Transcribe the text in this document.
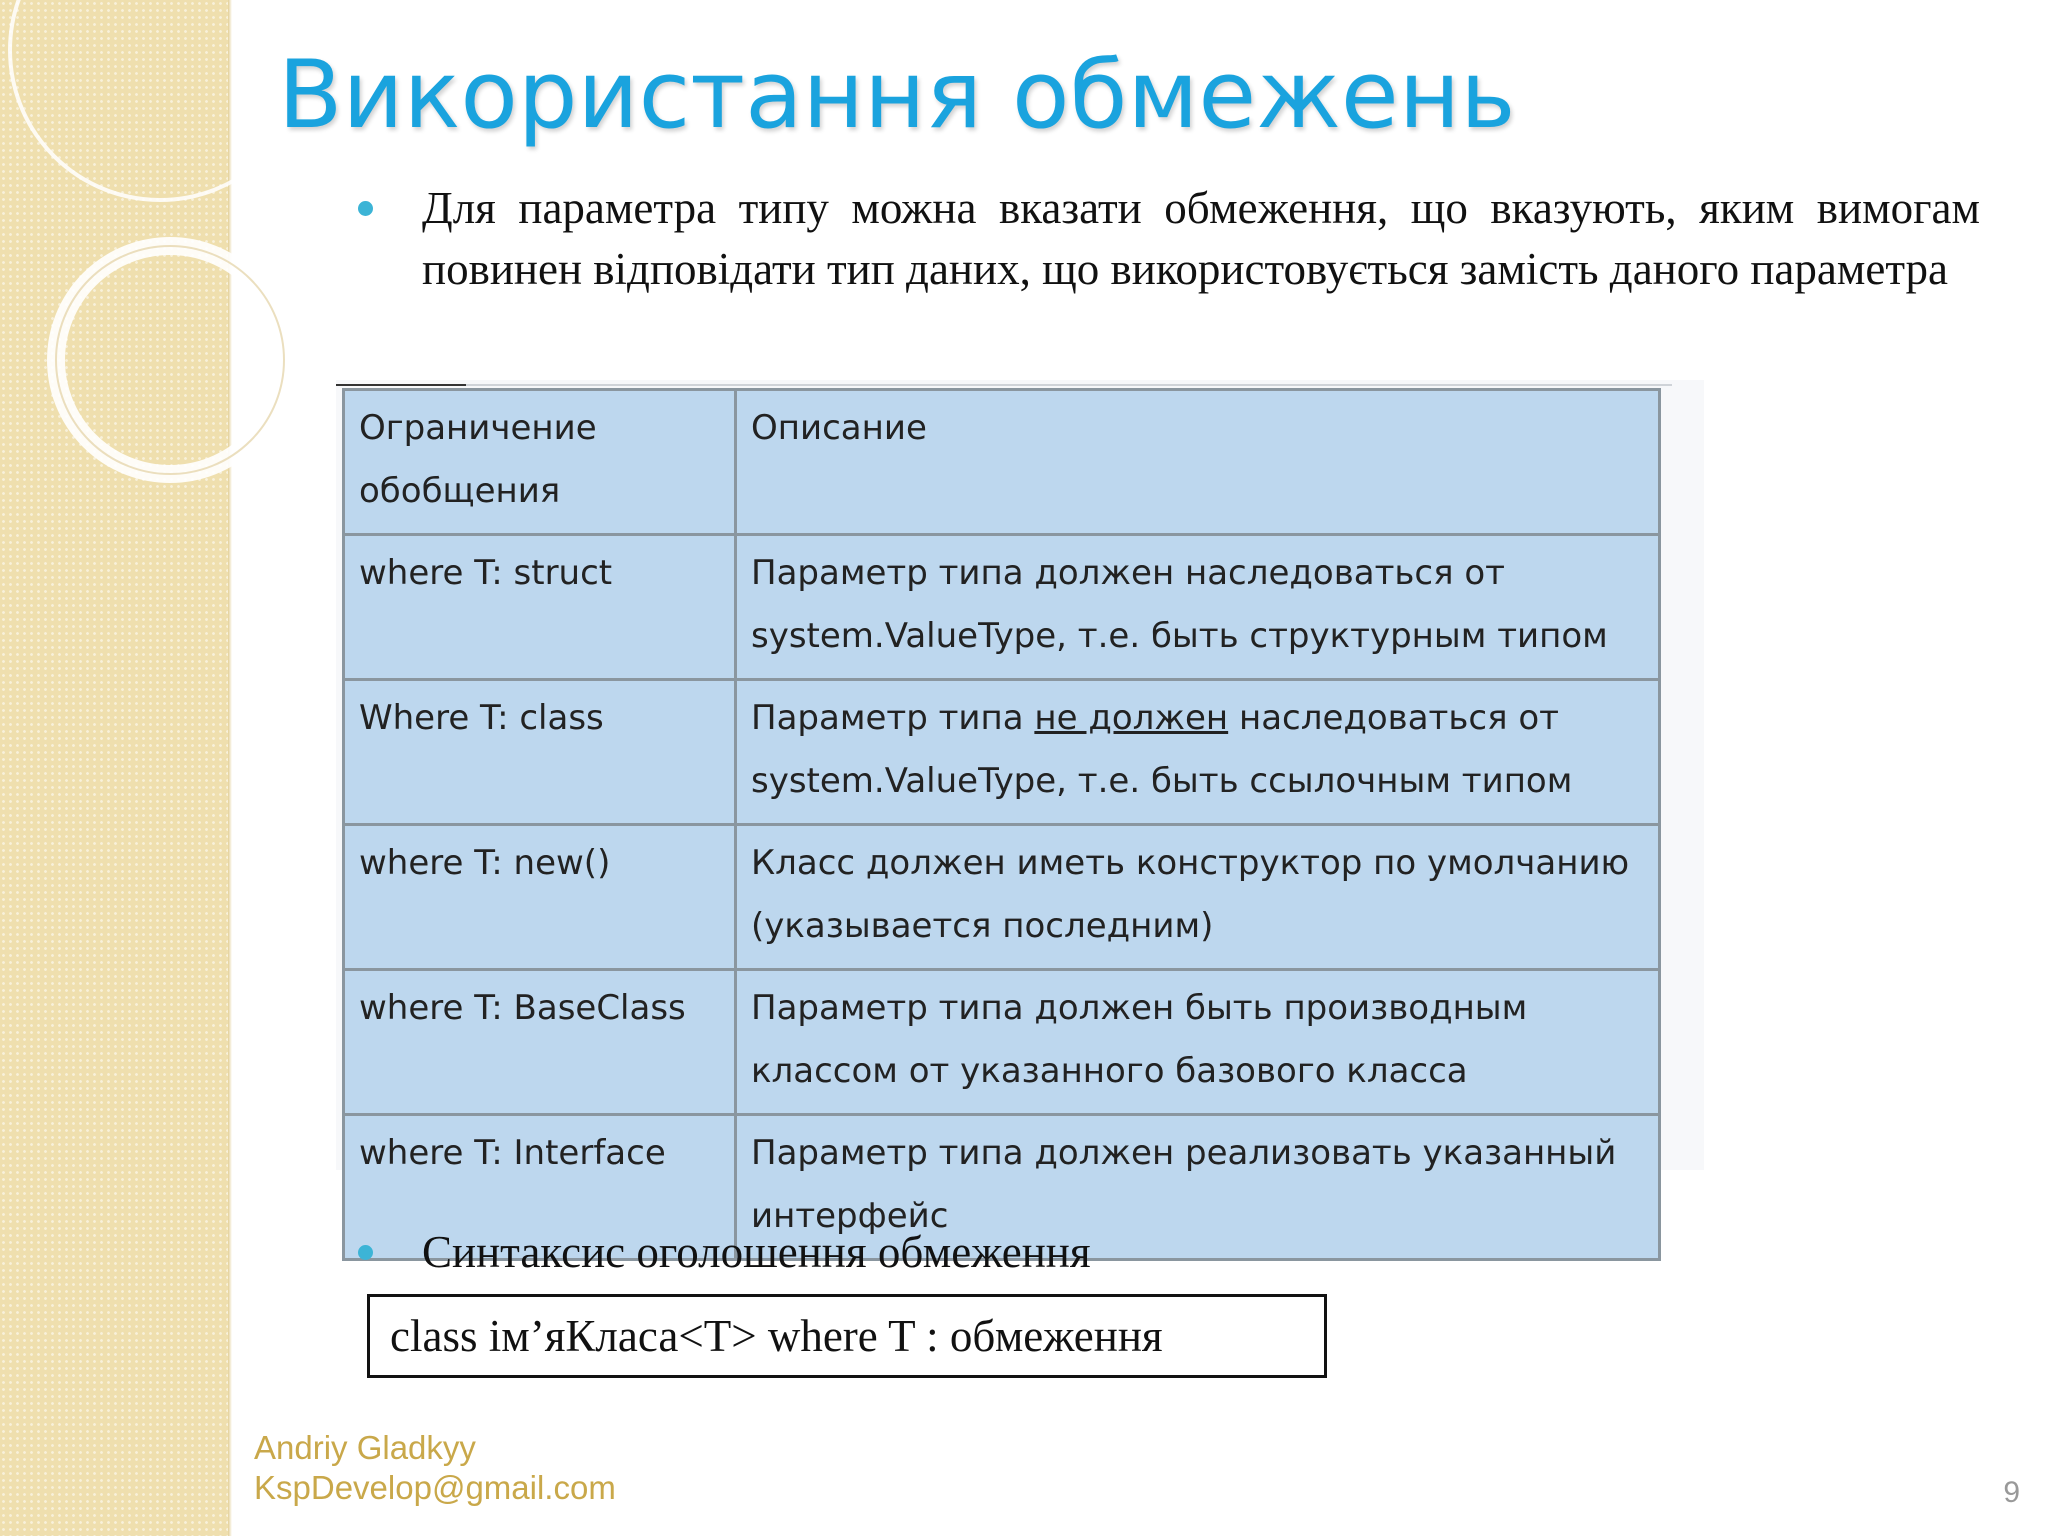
Використання обмежень

Для параметра типу можна вказати обмеження, що вказують, яким вимогам повинен відповідати тип даних, що використовується замість даного параметра

Ограничение обобщения	Описание
where T: struct	Параметр типа должен наследоваться от system.ValueType, т.е. быть структурным типом
Where T: class	Параметр типа не должен наследоваться от system.ValueType, т.е. быть ссылочным типом
where T: new()	Класс должен иметь конструктор по умолчанию (указывается последним)
where T: BaseClass	Параметр типа должен быть производным классом от указанного базового класса
where T: Interface	Параметр типа должен реализовать указанный интерфейс

Синтаксис оголошення обмеження

class ім’яКласа<T> where T : обмеження
Andriy Gladkyy
KspDevelop@gmail.com	9
